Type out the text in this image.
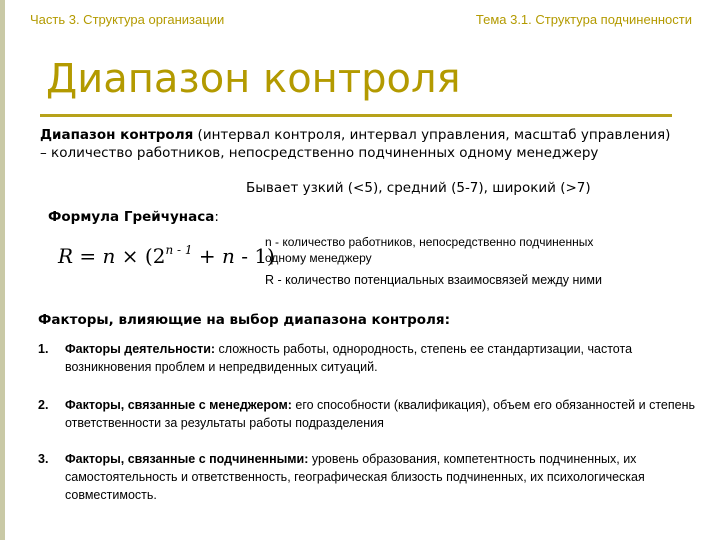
Часть 3. Структура организации	Тема 3.1. Структура подчиненности
Диапазон контроля
Диапазон контроля (интервал контроля, интервал управления, масштаб управления) – количество работников, непосредственно подчиненных одному менеджеру
Бывает узкий (<5), средний (5-7), широкий (>7)
Формула Грейчунаса:
$R = n \times (2^{n - 1} + n - 1)$
n - количество работников, непосредственно подчиненных одному менеджеру
R - количество потенциальных взаимосвязей между ними
Факторы, влияющие на выбор диапазона контроля:
1. Факторы деятельности: сложность работы, однородность, степень ее стандартизации, частота возникновения проблем и непредвиденных ситуаций.
2. Факторы, связанные с менеджером: его способности (квалификация), объем его обязанностей и степень ответственности за результаты работы подразделения
3. Факторы, связанные с подчиненными: уровень образования, компетентность подчиненных, их самостоятельность и ответственность, географическая близость подчиненных, их психологическая совместимость.
